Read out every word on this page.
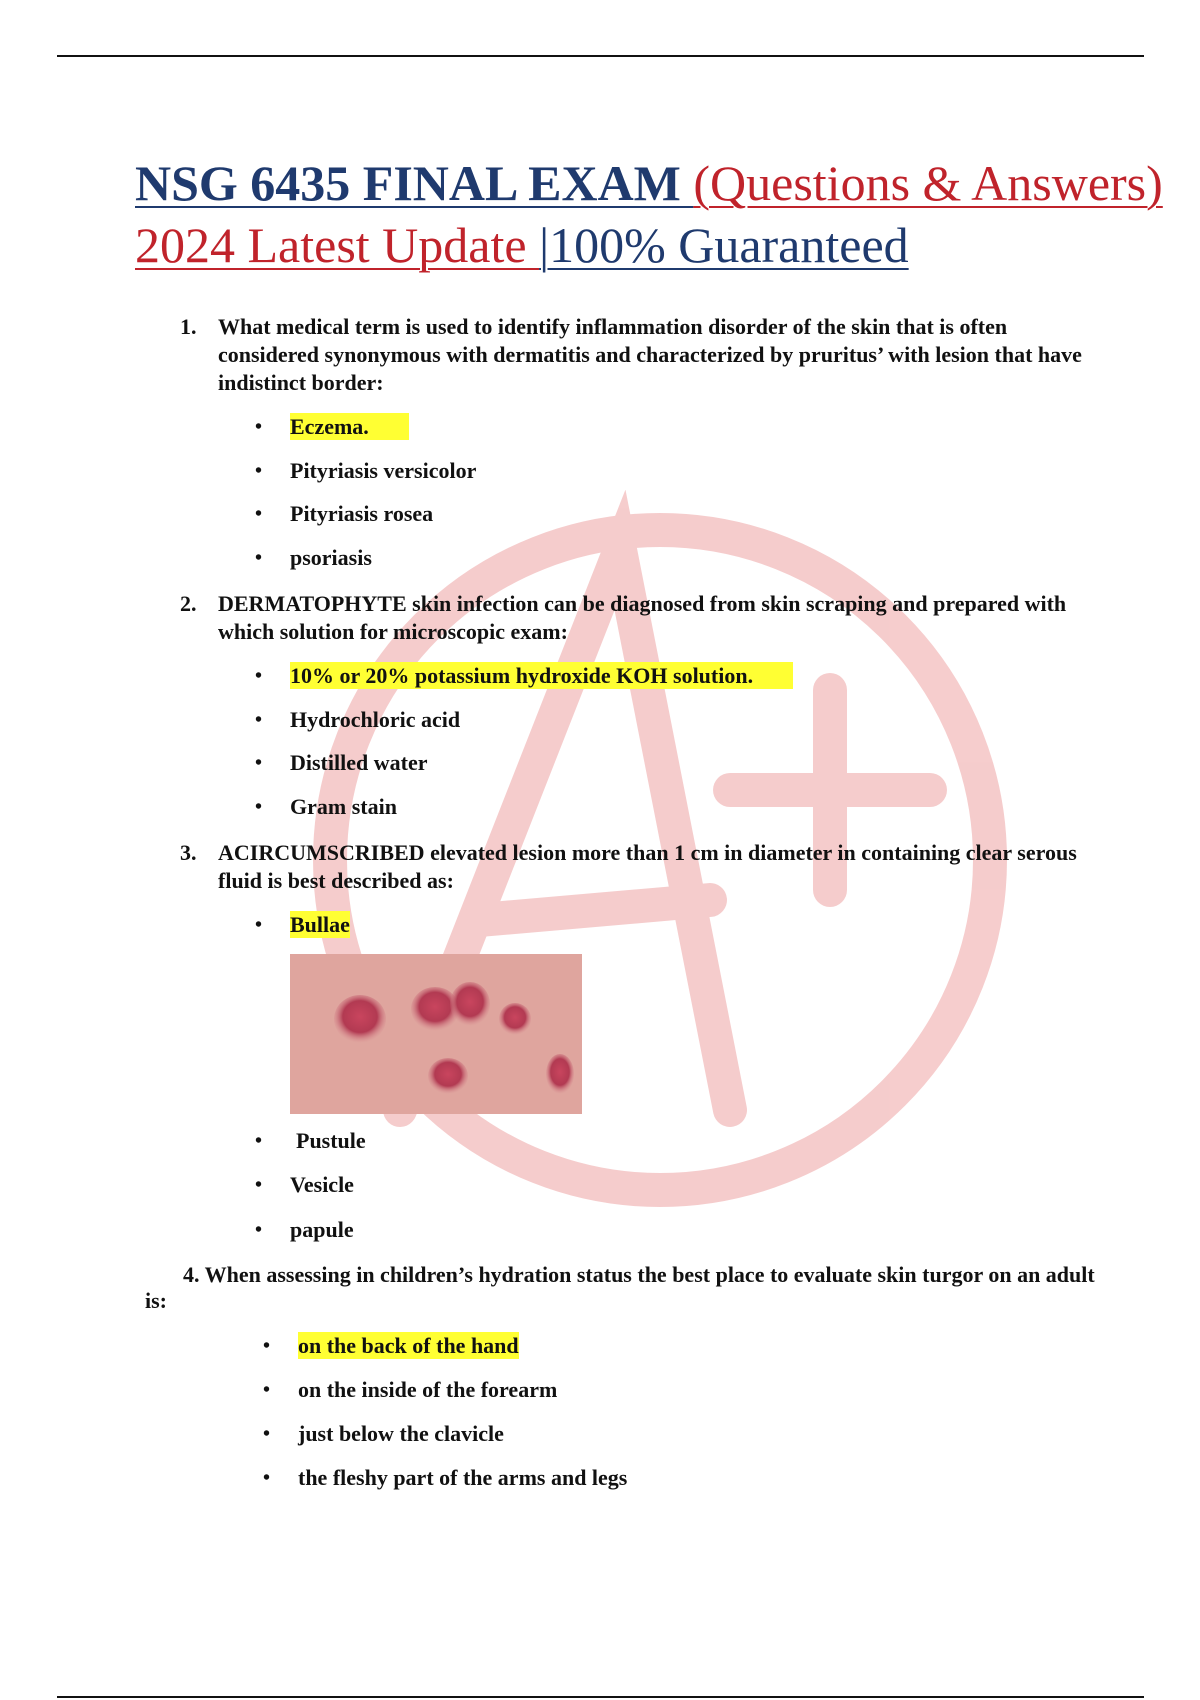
NSG 6435 FINAL EXAM (Questions & Answers)
2024 Latest Update |100% Guaranteed
1. What medical term is used to identify inflammation disorder of the skin that is often considered synonymous with dermatitis and characterized by pruritus’ with lesion that have indistinct border:
• Eczema.
• Pityriasis versicolor
• Pityriasis rosea
• psoriasis
2. DERMATOPHYTE skin infection can be diagnosed from skin scraping and prepared with which solution for microscopic exam:
• 10% or 20% potassium hydroxide KOH solution.
• Hydrochloric acid
• Distilled water
• Gram stain
3. ACIRCUMSCRIBED elevated lesion more than 1 cm in diameter in containing clear serous fluid is best described as:
• Bullae
• Pustule
• Vesicle
• papule
4. When assessing in children’s hydration status the best place to evaluate skin turgor on an adult is:
• on the back of the hand
• on the inside of the forearm
• just below the clavicle
• the fleshy part of the arms and legs
